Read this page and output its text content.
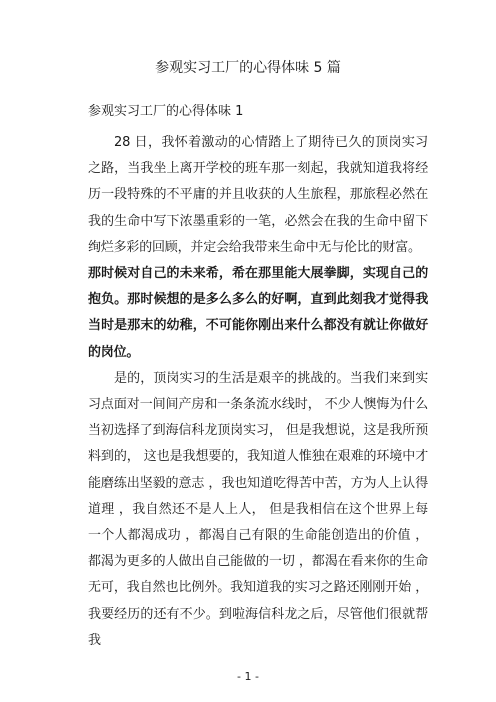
参观实习工厂的心得体味 5 篇
参观实习工厂的心得体味 1

28 日，我怀着激动的心情踏上了期待已久的顶岗实习之路，当我坐上离开学校的班车那一刻起，我就知道我将经历一段特殊的不平庸的并且收获的人生旅程，那旅程必然在我的生命中写下浓墨重彩的一笔，必然会在我的生命中留下绚烂多彩的回顾，并定会给我带来生命中无与伦比的财富。

那时候对自己的未来希，希在那里能大展拳脚，实现自己的抱负。那时候想的是多么多么的好啊，直到此刻我才觉得我当时是那末的幼稚，不可能你刚出来什么都没有就让你做好的岗位。

是的，顶岗实习的生活是艰辛的挑战的。当我们来到实习点面对一间间产房和一条条流水线时， 不少人懊悔为什么当初选择了到海信科龙顶岗实习， 但是我想说，这是我所预料到的， 这也是我想要的，我知道人惟独在艰难的环境中才能磨练出坚毅的意志 ，我也知道吃得苦中苦，方为人上认得道理 ，我自然还不是人上人， 但是我相信在这个世界上每一个人都渴成功 ，都渴自己有限的生命能创造出的价值 ，都渴为更多的人做出自己能做的一切 ，都渴在看来你的生命无可，我自然也比例外。我知道我的实习之路还刚刚开始 ，我要经历的还有不少。到啦海信科龙之后，尽管他们很就帮我

- 1 -
